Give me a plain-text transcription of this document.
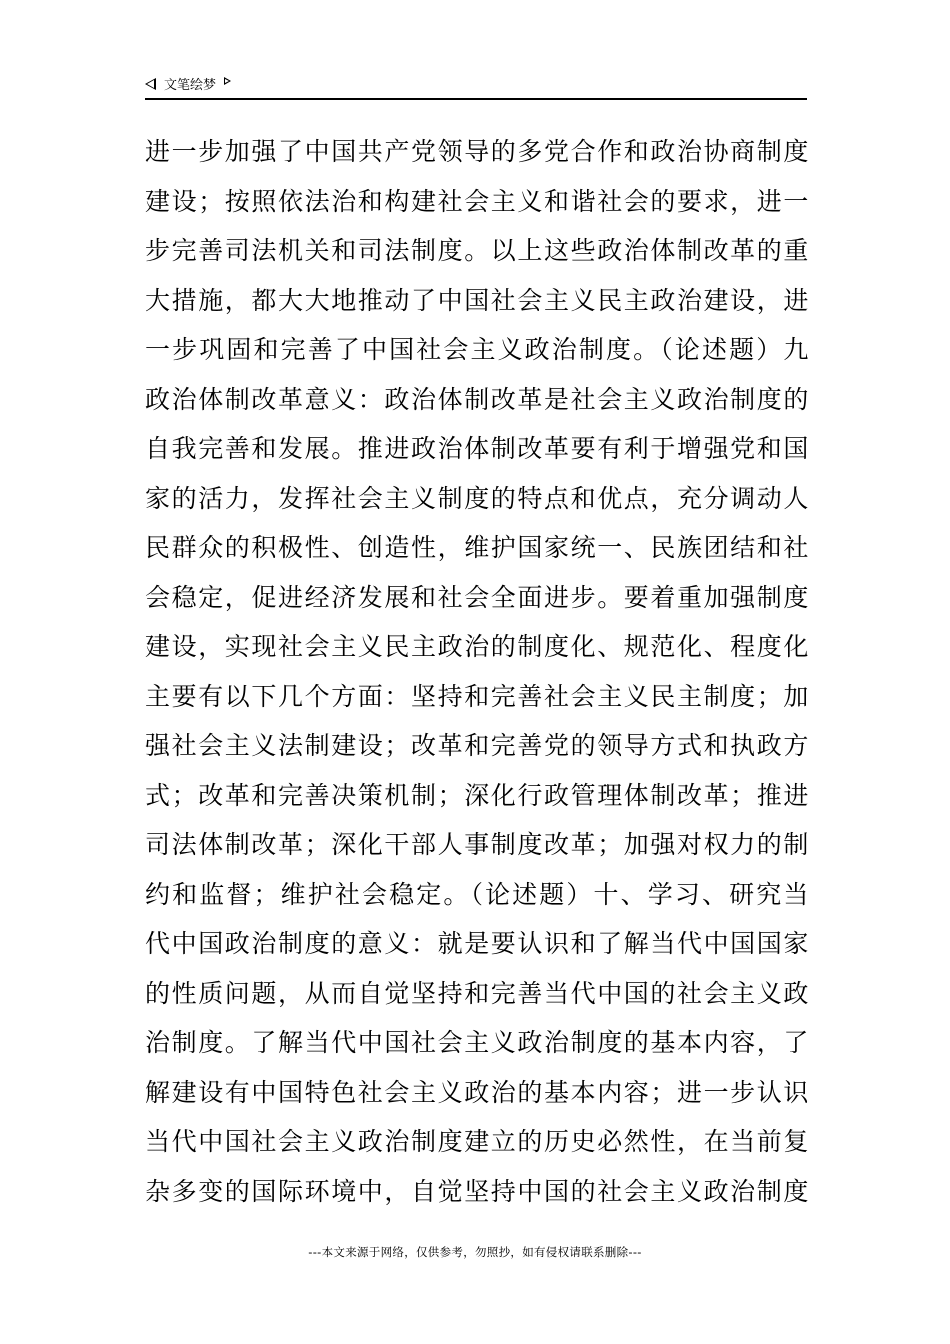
文笔绘梦
进一步加强了中国共产党领导的多党合作和政治协商制度
建设；按照依法治和构建社会主义和谐社会的要求，进一
步完善司法机关和司法制度。以上这些政治体制改革的重
大措施，都大大地推动了中国社会主义民主政治建设，进
一步巩固和完善了中国社会主义政治制度。（论述题）九
政治体制改革意义：政治体制改革是社会主义政治制度的
自我完善和发展。推进政治体制改革要有利于增强党和国
家的活力，发挥社会主义制度的特点和优点，充分调动人
民群众的积极性、创造性，维护国家统一、民族团结和社
会稳定，促进经济发展和社会全面进步。要着重加强制度
建设，实现社会主义民主政治的制度化、规范化、程度化
主要有以下几个方面：坚持和完善社会主义民主制度；加
强社会主义法制建设；改革和完善党的领导方式和执政方
式；改革和完善决策机制；深化行政管理体制改革；推进
司法体制改革；深化干部人事制度改革；加强对权力的制
约和监督；维护社会稳定。（论述题）十、学习、研究当
代中国政治制度的意义：就是要认识和了解当代中国国家
的性质问题，从而自觉坚持和完善当代中国的社会主义政
治制度。了解当代中国社会主义政治制度的基本内容，了
解建设有中国特色社会主义政治的基本内容；进一步认识
当代中国社会主义政治制度建立的历史必然性，在当前复
杂多变的国际环境中，自觉坚持中国的社会主义政治制度
---本文来源于网络，仅供参考，勿照抄，如有侵权请联系删除---
